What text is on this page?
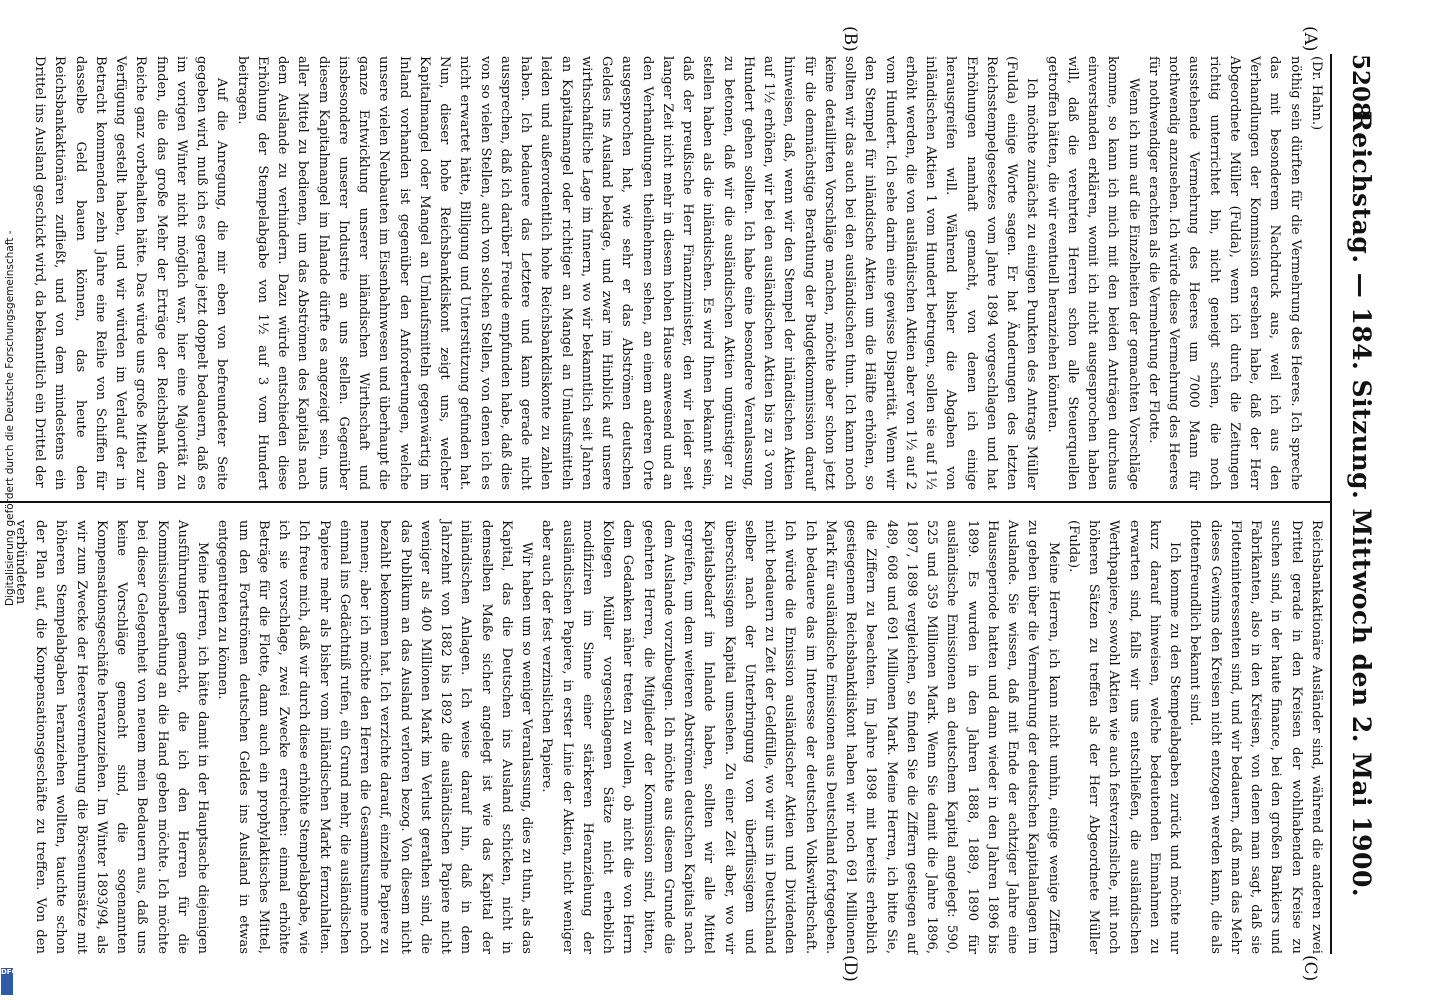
5208
Reichstag. — 184. Sitzung. Mittwoch den 2. Mai 1900.
(A)
(B)
(C)
(D)
(Dr. Hahn.)

nöthig sein dürften für die Vermehrung des Heeres. Ich spreche das mit besonderem Nachdruck aus, weil ich aus den Verhandlungen der Kommission ersehen habe, daß der Herr Abgeordnete Müller (Fulda), wenn ich durch die Zeitungen richtig unterrichtet bin, nicht geneigt schien, die noch ausstehende Vermehrung des Heeres um 7000 Mann für nothwendig anzusehen. Ich würde diese Vermehrung des Heeres für nothwendiger erachten als die Vermehrung der Flotte.

Wenn ich nun auf die Einzelheiten der gemachten Vorschläge komme, so kann ich mich mit den beiden Anträgen durchaus einverstanden erklären, womit ich nicht ausgesprochen haben will, daß die verehrten Herren schon alle Steuerquellen getroffen hätten, die wir eventuell heranziehen könnten.

Ich möchte zunächst zu einigen Punkten des Antrags Müller (Fulda) einige Worte sagen. Er hat Änderungen des letzten Reichsstempelgesetzes vom Jahre 1894 vorgeschlagen und hat Erhöhungen namhaft gemacht, von denen ich einige herausgreifen will. Während bisher die Abgaben von inländischen Aktien 1 vom Hundert betrugen, sollen sie auf 1½ erhöht werden, die von ausländischen Aktien aber von 1½ auf 2 vom Hundert. Ich sehe darin eine gewisse Disparität. Wenn wir den Stempel für inländische Aktien um die Hälfte erhöhen, so sollten wir das auch bei den ausländischen thun. Ich kann noch keine detaillirten Vorschläge machen, möchte aber schon jetzt für die demnächstige Berathung der Budgetkommission darauf hinweisen, daß, wenn wir den Stempel der inländischen Aktien auf 1½ erhöhen, wir bei den ausländischen Aktien bis zu 3 vom Hundert gehen sollten. Ich habe eine besondere Veranlassung, zu betonen, daß wir die ausländischen Aktien ungünstiger zu stellen haben als die inländischen. Es wird Ihnen bekannt sein, daß der preußische Herr Finanzminister, den wir leider seit langer Zeit nicht mehr in diesem hohen Hause anwesend und an den Verhandlungen theilnehmen sehen, an einem anderen Orte ausgesprochen hat, wie sehr er das Abströmen deutschen Geldes ins Ausland beklage, und zwar im Hinblick auf unsere wirthschaftliche Lage im Innern, wo wir bekanntlich seit Jahren an Kapitalmangel oder richtiger an Mangel an Umlaufsmitteln leiden und außerordentlich hohe Reichsbankdiskonte zu zahlen haben. Ich bedauere das Letztere und kann gerade nicht aussprechen, daß ich darüber Freude empfunden habe, daß dies von so vielen Stellen, auch von solchen Stellen, von denen ich es nicht erwartet hätte, Billigung und Unterstützung gefunden hat. Nun, dieser hohe Reichsbankdiskont zeigt uns, welcher Kapitalmangel oder Mangel an Umlaufsmitteln gegenwärtig im Inland vorhanden ist gegenüber den Anforderungen, welche unsere vielen Neubauten im Eisenbahnwesen und überhaupt die ganze Entwicklung unserer inländischen Wirthschaft und insbesondere unserer Industrie an uns stellen. Gegenüber diesem Kapitalmangel im Inlande dürfte es angezeigt sein, uns aller Mittel zu bedienen, um das Abströmen des Kapitals nach dem Auslande zu verhindern. Dazu würde entschieden diese Erhöhung der Stempelabgabe von 1½ auf 3 vom Hundert beitragen.

Auf die Anregung, die mir eben von befreundeter Seite gegeben wird, muß ich es gerade jetzt doppelt bedauern, daß es im vorigen Winter nicht möglich war, hier eine Majorität zu finden, die das große Mehr der Erträge der Reichsbank dem Reiche ganz vorbehalten hätte. Das würde uns große Mittel zur Verfügung gestellt haben, und wir würden im Verlauf der in Betracht kommenden zehn Jahre eine Reihe von Schiffen für dasselbe Geld bauen können, das heute den Reichsbankaktionären zufließt, und von dem mindestens ein Drittel ins Ausland geschickt wird, da bekanntlich ein Drittel der

Reichsbankaktionäre Ausländer sind, während die anderen zwei Drittel gerade in den Kreisen der wohlhabenden Kreise zu suchen sind, in der haute finance, bei den großen Bankiers und Fabrikanten, also in den Kreisen, von denen man sagt, daß sie Flotteninteressenten sind, und wir bedauern, daß man das Mehr dieses Gewinns den Kreisen nicht entzogen werden kann, die als flottenfreundlich bekannt sind.

Ich komme zu den Stempelabgaben zurück und möchte nur kurz darauf hinweisen, welche bedeutenden Einnahmen zu erwarten sind, falls wir uns entschließen, die ausländischen Werthpapiere, sowohl Aktien wie auch festverzinsliche, mit noch höheren Sätzen zu treffen als der Herr Abgeordnete Müller (Fulda).

Meine Herren, ich kann nicht umhin, einige wenige Ziffern zu geben über die Vermehrung der deutschen Kapitalanlagen im Auslande. Sie wissen, daß mit Ende der achtziger Jahre eine Hausseperiode hatten und dann wieder in den Jahren 1896 bis 1899. Es wurden in den Jahren 1888, 1889, 1890 für ausländische Emissionen an deutschem Kapital angelegt: 590, 525 und 359 Millionen Mark. Wenn Sie damit die Jahre 1896, 1897, 1898 vergleichen, so finden Sie die Ziffern gestiegen auf 489, 608 und 691 Millionen Mark. Meine Herren, ich bitte Sie, die Ziffern zu beachten. Im Jahre 1898 mit bereits erheblich gestiegenem Reichsbankdiskont haben wir noch 691 Millionen Mark für ausländische Emissionen aus Deutschland fortgegeben. Ich bedauere das im Interesse der deutschen Volkswirthschaft. Ich würde die Emission ausländischer Aktien und Dividenden nicht bedauern zu Zeit der Geldfülle, wo wir uns in Deutschland selber nach der Unterbringung von überflüssigem und überschüssigem Kapital umsehen. Zu einer Zeit aber, wo wir Kapitalsbedarf im Inlande haben, sollten wir alle Mittel ergreifen, um dem weiteren Abströmen deutschen Kapitals nach dem Auslande vorzubeugen. Ich möchte aus diesem Grunde die geehrten Herren, die Mitglieder der Kommission sind, bitten, dem Gedanken näher treten zu wollen, ob nicht die von Herrn Kollegen Müller vorgeschlagenen Sätze nicht erheblich modifiziren im Sinne einer stärkeren Heranziehung der ausländischen Papiere, in erster Linie der Aktien, nicht weniger aber auch der fest verzinslichen Papiere.

Wir haben um so weniger Veranlassung, dies zu thun, als das Kapital, das die Deutschen ins Ausland schicken, nicht in demselben Maße sicher angelegt ist wie das Kapital der inländischen Anlagen. Ich weise darauf hin, daß in dem Jahrzehnt von 1882 bis 1892 die ausländischen Papiere nicht weniger als 400 Millionen Mark im Verlust gerathen sind, die das Publikum an das Ausland verloren bezog. Von diesem nicht bezahlt bekommen hat. Ich verzichte darauf, einzelne Papiere zu nennen; aber ich möchte den Herren die Gesammtsumme noch einmal ins Gedächtniß rufen, ein Grund mehr, die ausländischen Papiere mehr als bisher vom inländischen Markt fernzuhalten. Ich freue mich, daß wir durch diese erhöhte Stempelabgabe, wie ich sie vorschlage, zwei Zwecke erreichen: einmal erhöhte Beträge für die Flotte, dann auch ein prophylaktisches Mittel, um den Fortströmen deutschen Geldes ins Ausland in etwas entgegentreten zu können.

Meine Herren, ich hätte damit in der Hauptsache diejenigen Ausführungen gemacht, die ich den Herren für die Kommissionsberathung an die Hand geben möchte. Ich möchte bei dieser Gelegenheit von neuem mein Bedauern aus, daß uns keine Vorschläge gemacht sind, die sogenannten Kompensationsgeschäfte heranzuziehen. Im Winter 1893/94, als wir zum Zwecke der Heeresvermehrung die Börsenumsätze mit höheren Stempelabgaben heranziehen wollten, tauchte schon der Plan auf, die Kompensationsgeschäfte zu treffen. Von den verbündeten

Digitalisierung gefördert durch die Deutsche Forschungsgemeinschaft -
DFG
